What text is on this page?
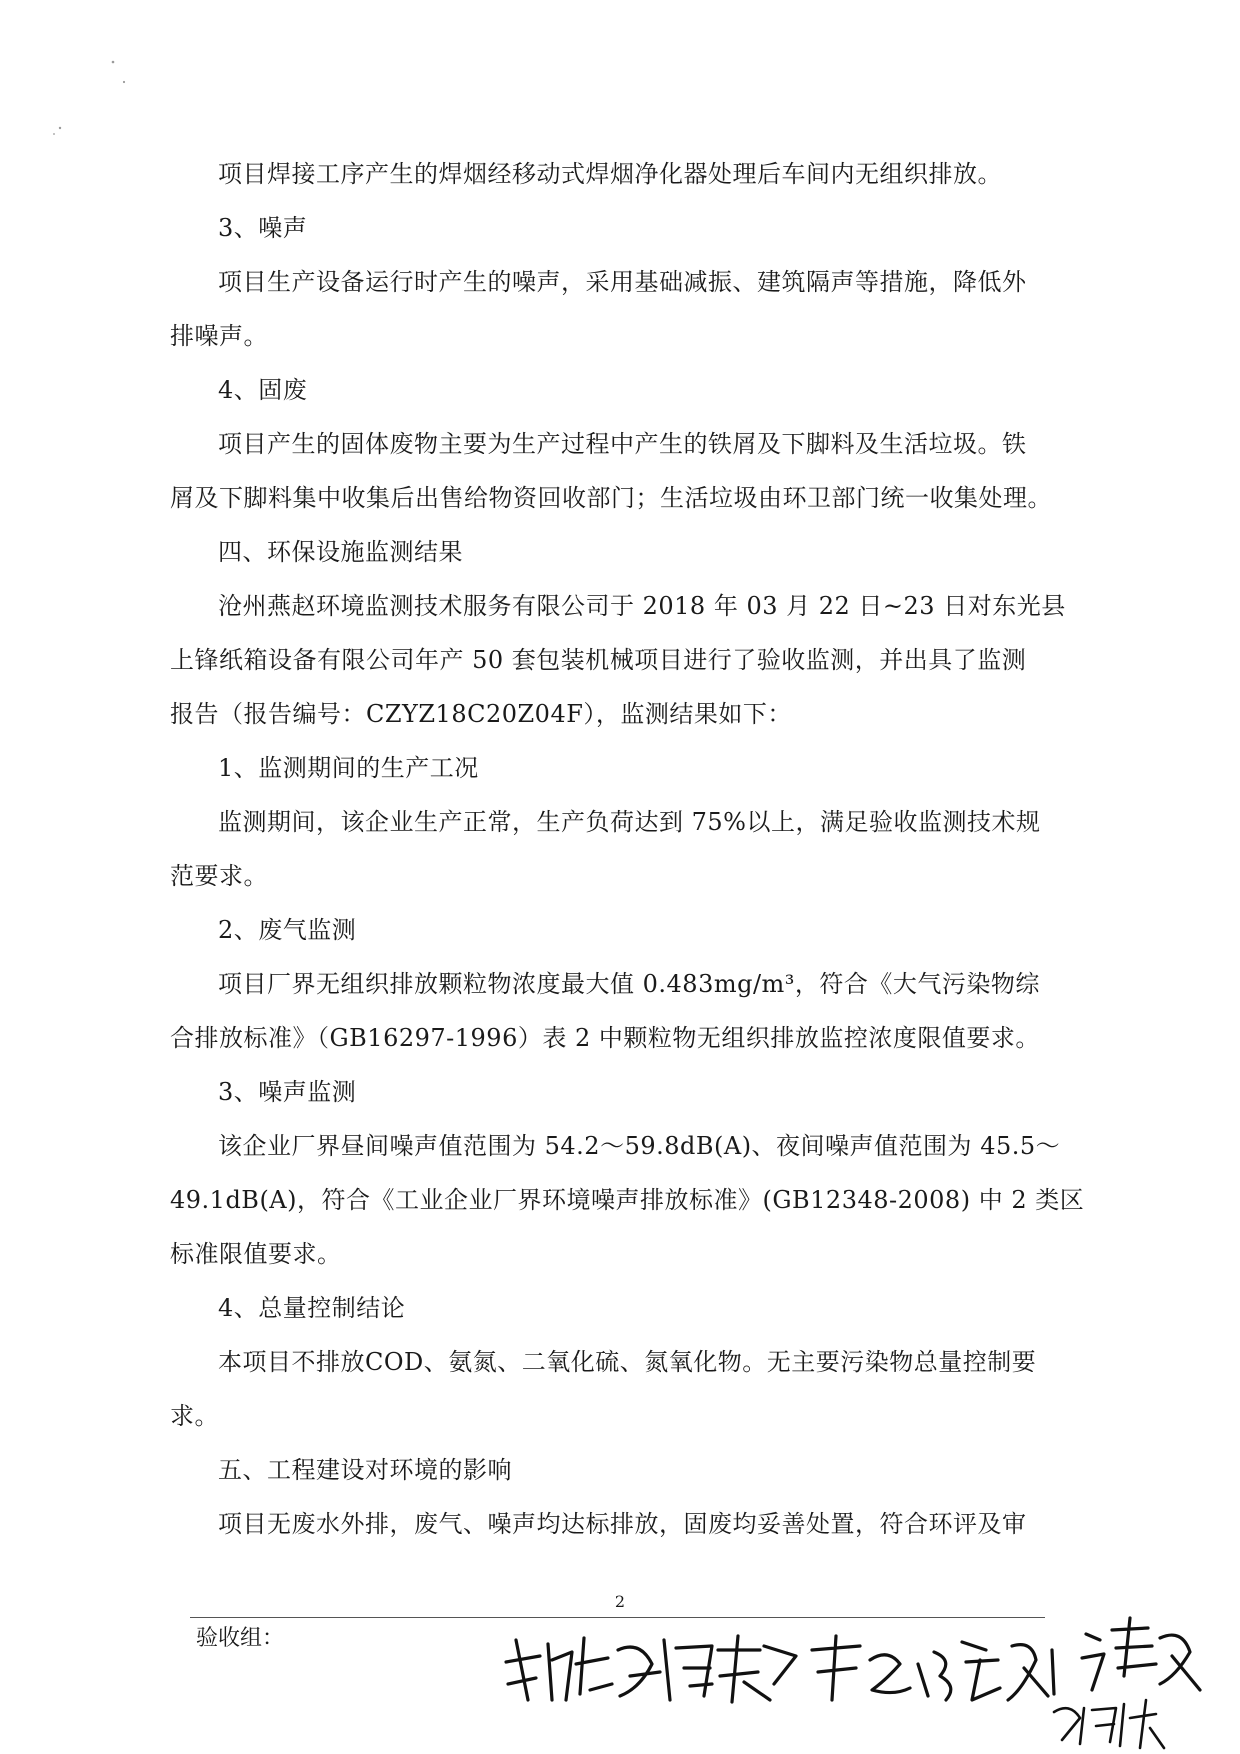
项目焊接工序产生的焊烟经移动式焊烟净化器处理后车间内无组织排放。
3、噪声
项目生产设备运行时产生的噪声，采用基础减振、建筑隔声等措施，降低外
排噪声。
4、固废
项目产生的固体废物主要为生产过程中产生的铁屑及下脚料及生活垃圾。铁
屑及下脚料集中收集后出售给物资回收部门；生活垃圾由环卫部门统一收集处理。
四、环保设施监测结果
沧州燕赵环境监测技术服务有限公司于 2018 年 03 月 22 日~23 日对东光县
上锋纸箱设备有限公司年产 50 套包装机械项目进行了验收监测，并出具了监测
报告（报告编号：CZYZ18C20Z04F），监测结果如下：
1、监测期间的生产工况
监测期间，该企业生产正常，生产负荷达到 75%以上，满足验收监测技术规
范要求。
2、废气监测
项目厂界无组织排放颗粒物浓度最大值 0.483mg/m³，符合《大气污染物综
合排放标准》（GB16297-1996）表 2 中颗粒物无组织排放监控浓度限值要求。
3、噪声监测
该企业厂界昼间噪声值范围为 54.2～59.8dB(A)、夜间噪声值范围为 45.5～
49.1dB(A)，符合《工业企业厂界环境噪声排放标准》(GB12348-2008) 中 2 类区
标准限值要求。
4、总量控制结论
本项目不排放COD、氨氮、二氧化硫、氮氧化物。无主要污染物总量控制要
求。
五、工程建设对环境的影响
项目无废水外排，废气、噪声均达标排放，固废均妥善处置，符合环评及审
2
验收组：
